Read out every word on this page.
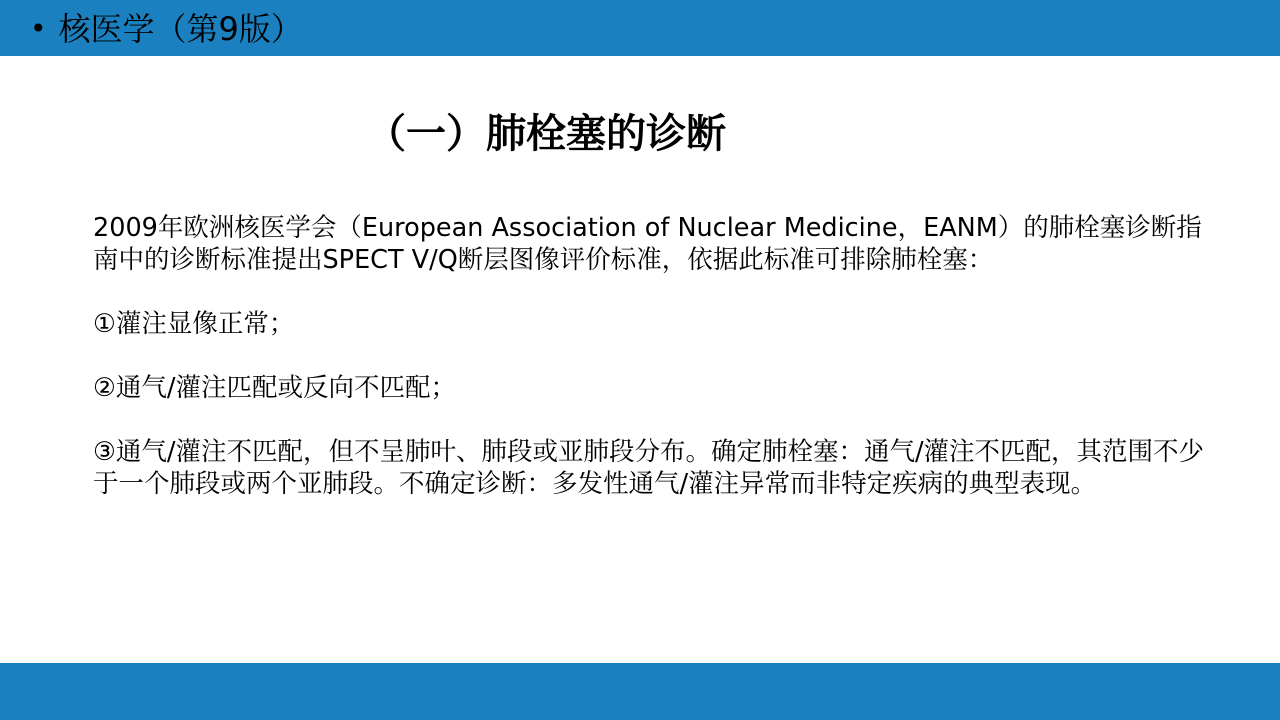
• 核医学（第9版）
（一）肺栓塞的诊断

2009年欧洲核医学会（European Association of Nuclear Medicine，EANM）的肺栓塞诊断指南中的诊断标准提出SPECT V/Q断层图像评价标准，依据此标准可排除肺栓塞：

①灌注显像正常；

②通气/灌注匹配或反向不匹配；

③通气/灌注不匹配，但不呈肺叶、肺段或亚肺段分布。确定肺栓塞：通气/灌注不匹配，其范围不少于一个肺段或两个亚肺段。不确定诊断：多发性通气/灌注异常而非特定疾病的典型表现。
